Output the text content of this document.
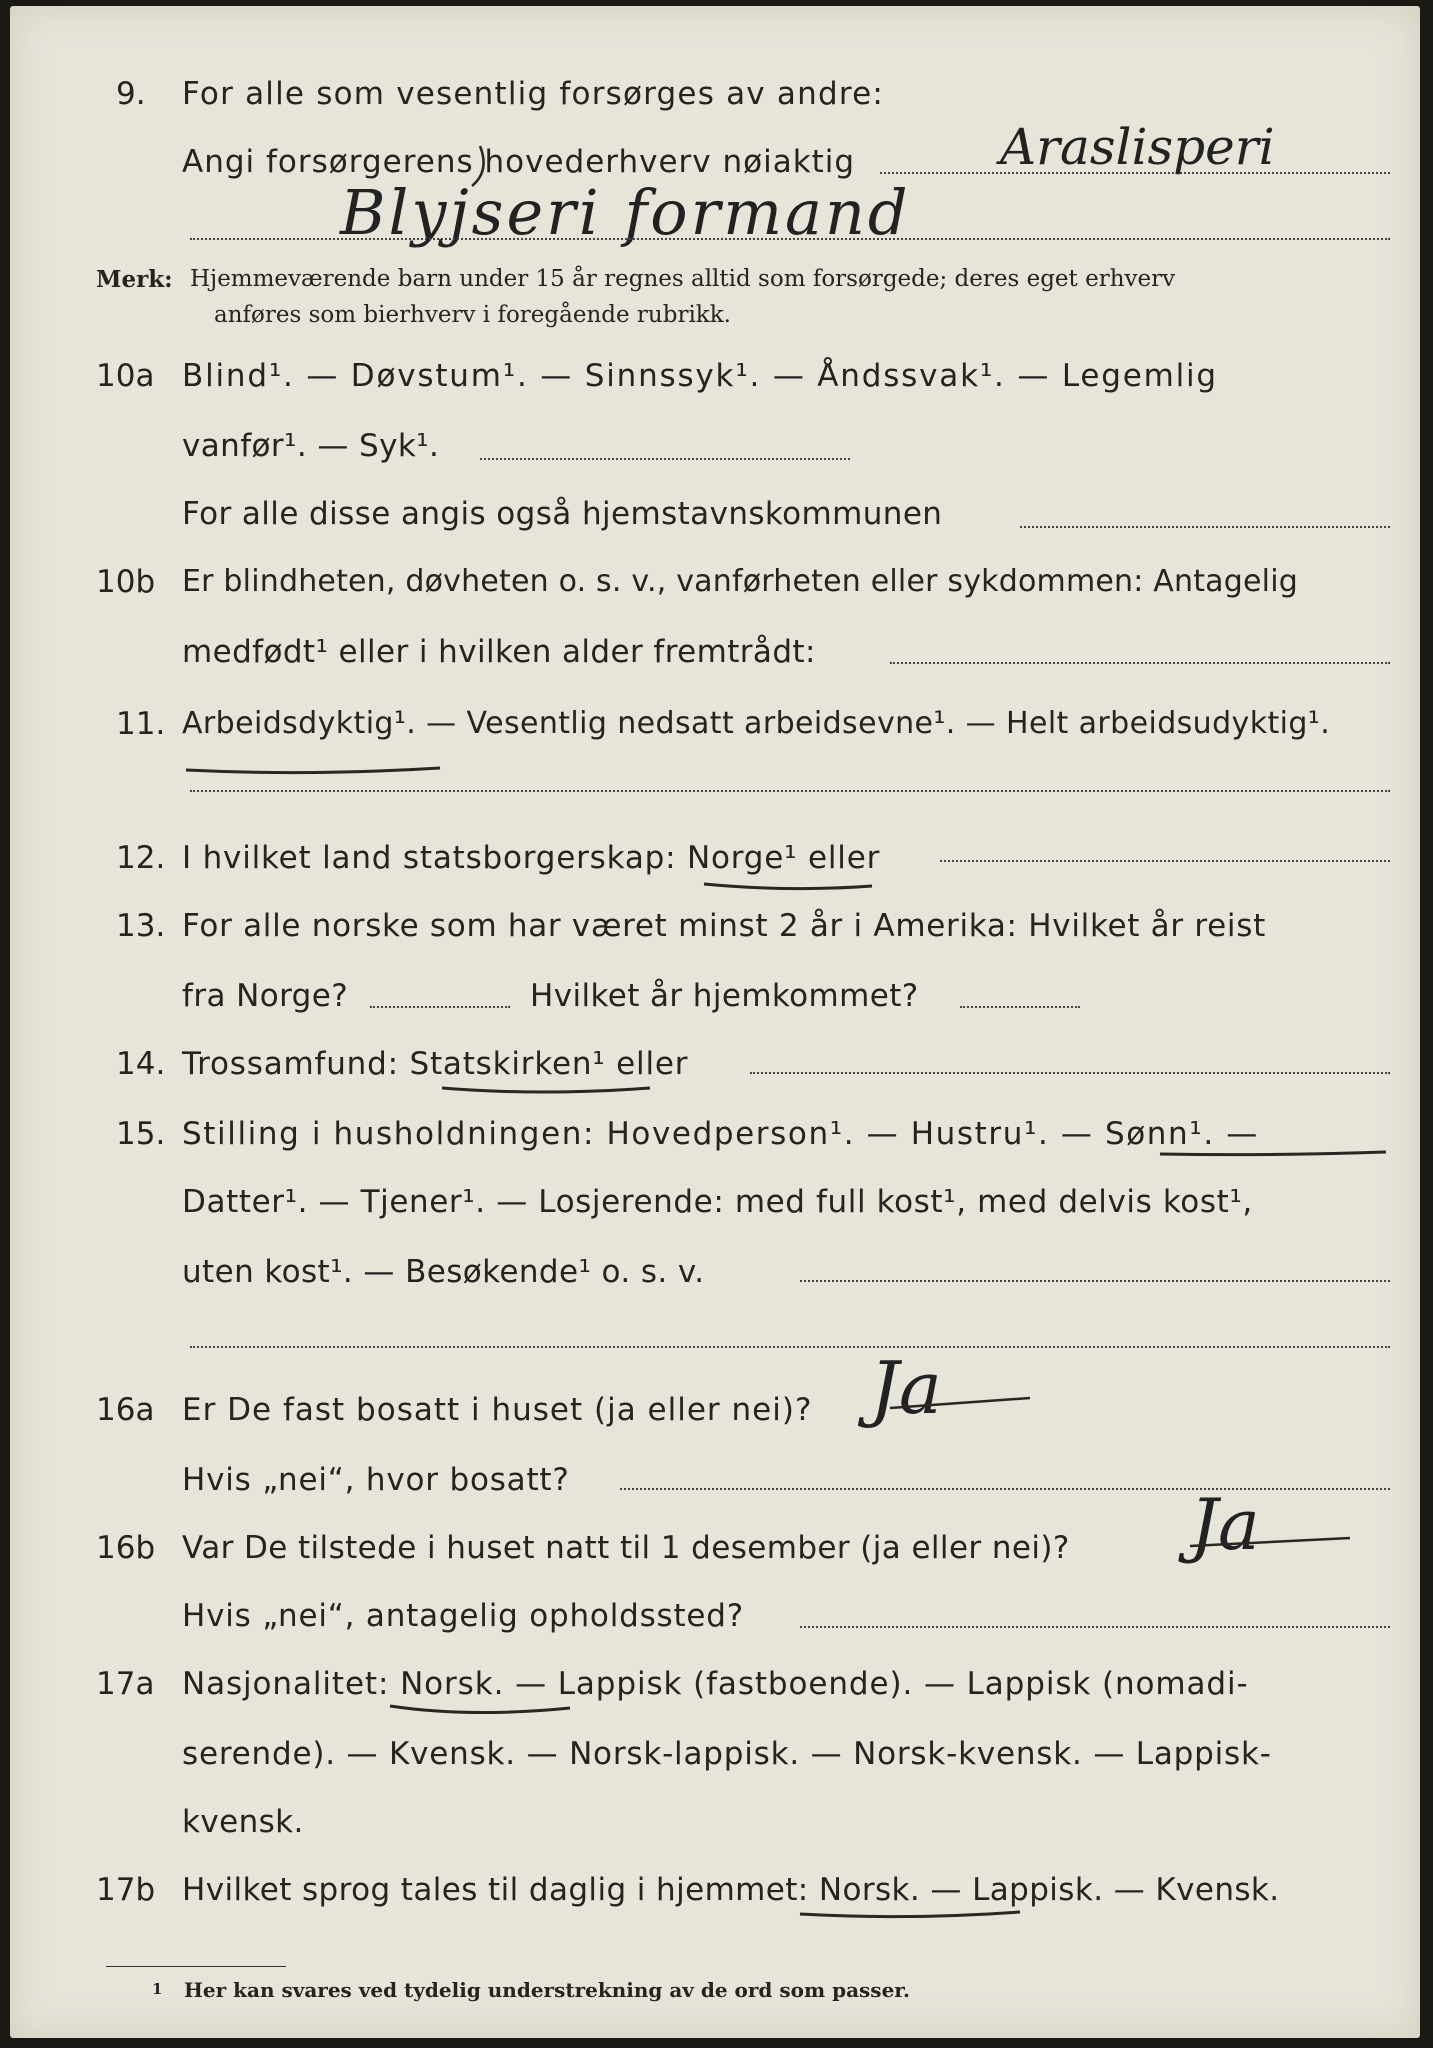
9. For alle som vesentlig forsørges av andre:
Angi forsørgerens hovederhverv nøiaktig	Araslisperi
Blyjseri formand
Merk: Hjemmeværende barn under 15 år regnes alltid som forsørgede; deres eget erhverv
anføres som bierhverv i foregående rubrikk.
10a Blind¹. — Døvstum¹. — Sinnssyk¹. — Åndssvak¹. — Legemlig
vanfør¹. — Syk¹.
For alle disse angis også hjemstavnskommunen
10b Er blindheten, døvheten o. s. v., vanførheten eller sykdommen: Antagelig
medfødt¹ eller i hvilken alder fremtrådt:
11. Arbeidsdyktig¹. — Vesentlig nedsatt arbeidsevne¹. — Helt arbeidsudyktig¹.
12. I hvilket land statsborgerskap: Norge¹ eller
13. For alle norske som har været minst 2 år i Amerika: Hvilket år reist
fra Norge?	Hvilket år hjemkommet?
14. Trossamfund: Statskirken¹ eller
15. Stilling i husholdningen: Hovedperson¹. — Hustru¹. — Sønn¹. —
Datter¹. — Tjener¹. — Losjerende: med full kost¹, med delvis kost¹,
uten kost¹. — Besøkende¹ o. s. v.
16a Er De fast bosatt i huset (ja eller nei)? Ja
Hvis „nei“, hvor bosatt?
16b Var De tilstede i huset natt til 1 desember (ja eller nei)? Ja
Hvis „nei“, antagelig opholdssted?
17a Nasjonalitet: Norsk. — Lappisk (fastboende). — Lappisk (nomadi-
serende). — Kvensk. — Norsk-lappisk. — Norsk-kvensk. — Lappisk-
kvensk.
17b Hvilket sprog tales til daglig i hjemmet: Norsk. — Lappisk. — Kvensk.
1 Her kan svares ved tydelig understrekning av de ord som passer.
